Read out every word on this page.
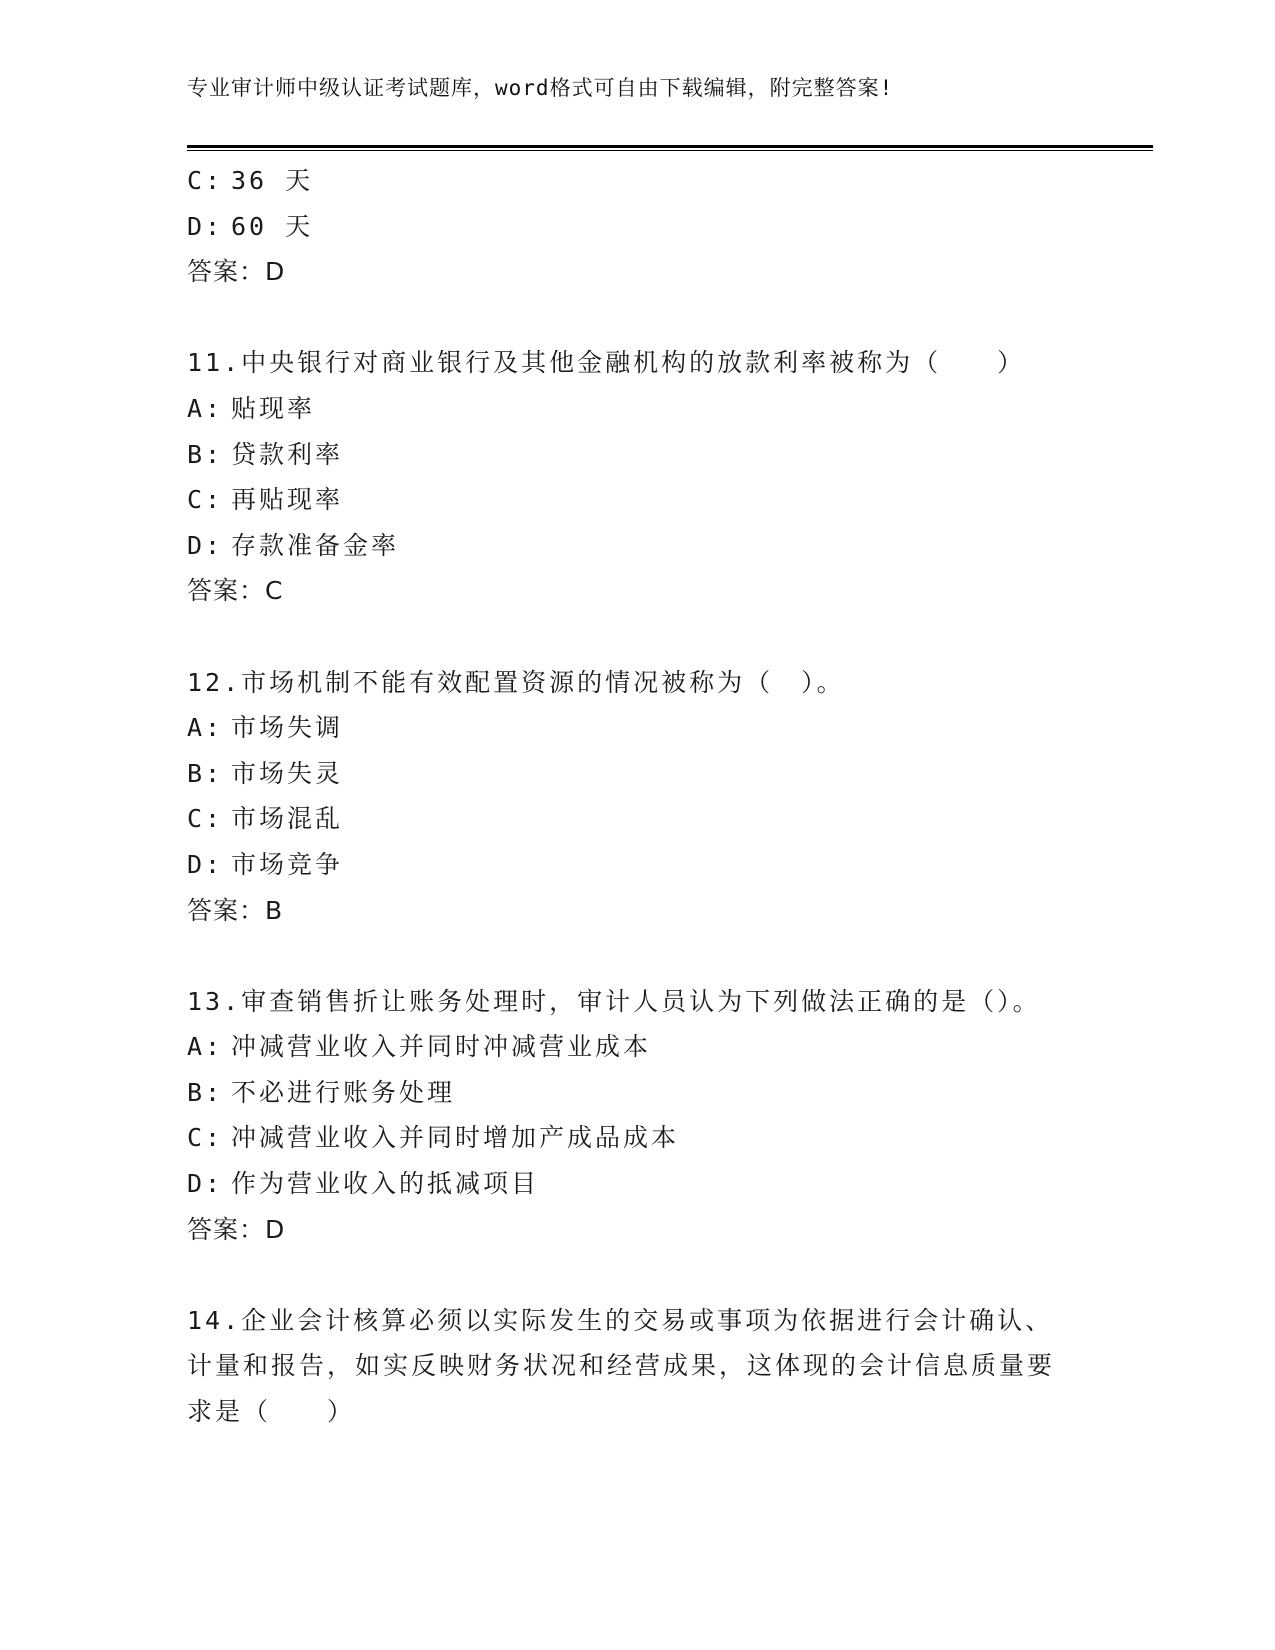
专业审计师中级认证考试题库，word格式可自由下载编辑，附完整答案!
C: 36 天
D: 60 天
答案：D
11.中央银行对商业银行及其他金融机构的放款利率被称为（　　）
A: 贴现率
B: 贷款利率
C: 再贴现率
D: 存款准备金率
答案：C
12.市场机制不能有效配置资源的情况被称为（　）。
A: 市场失调
B: 市场失灵
C: 市场混乱
D: 市场竞争
答案：B
13.审查销售折让账务处理时，审计人员认为下列做法正确的是（）。
A: 冲减营业收入并同时冲减营业成本
B: 不必进行账务处理
C: 冲减营业收入并同时增加产成品成本
D: 作为营业收入的抵减项目
答案：D
14.企业会计核算必须以实际发生的交易或事项为依据进行会计确认、计量和报告，如实反映财务状况和经营成果，这体现的会计信息质量要求是（　　）
